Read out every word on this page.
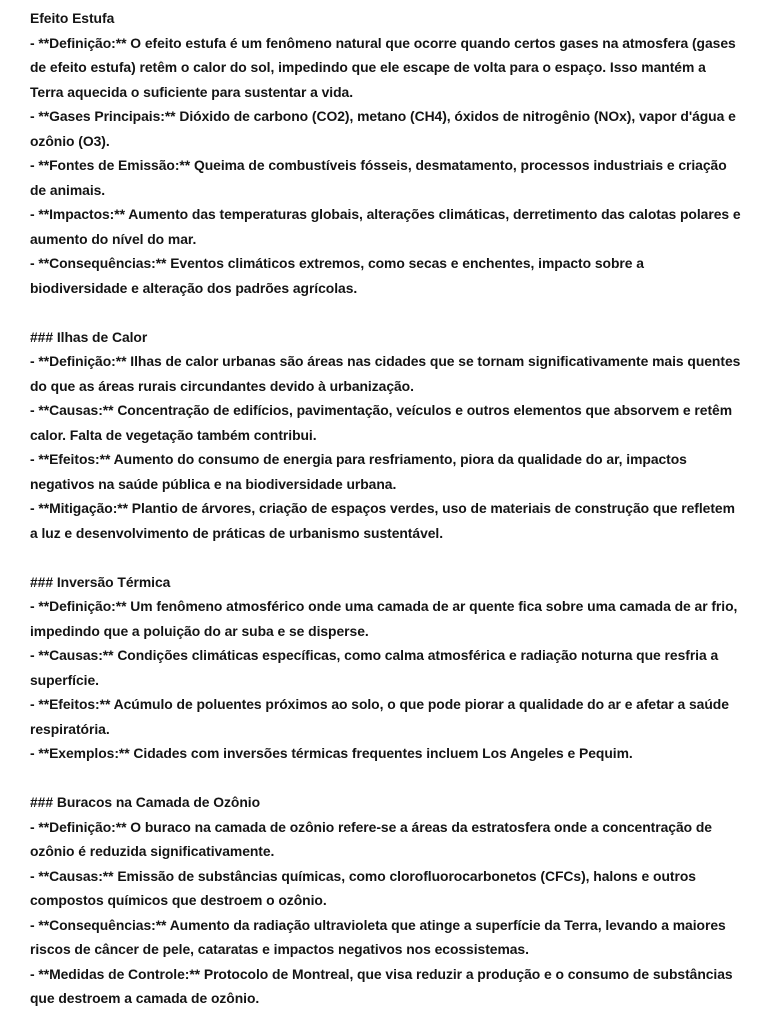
Efeito Estufa

- **Definição:** O efeito estufa é um fenômeno natural que ocorre quando certos gases na atmosfera (gases de efeito estufa) retêm o calor do sol, impedindo que ele escape de volta para o espaço. Isso mantém a Terra aquecida o suficiente para sustentar a vida.

- **Gases Principais:** Dióxido de carbono (CO2), metano (CH4), óxidos de nitrogênio (NOx), vapor d'água e ozônio (O3).

- **Fontes de Emissão:** Queima de combustíveis fósseis, desmatamento, processos industriais e criação de animais.

- **Impactos:** Aumento das temperaturas globais, alterações climáticas, derretimento das calotas polares e aumento do nível do mar.

- **Consequências:** Eventos climáticos extremos, como secas e enchentes, impacto sobre a biodiversidade e alteração dos padrões agrícolas.

### Ilhas de Calor

- **Definição:** Ilhas de calor urbanas são áreas nas cidades que se tornam significativamente mais quentes do que as áreas rurais circundantes devido à urbanização.

- **Causas:** Concentração de edifícios, pavimentação, veículos e outros elementos que absorvem e retêm calor. Falta de vegetação também contribui.

- **Efeitos:** Aumento do consumo de energia para resfriamento, piora da qualidade do ar, impactos negativos na saúde pública e na biodiversidade urbana.

- **Mitigação:** Plantio de árvores, criação de espaços verdes, uso de materiais de construção que refletem a luz e desenvolvimento de práticas de urbanismo sustentável.

### Inversão Térmica

- **Definição:** Um fenômeno atmosférico onde uma camada de ar quente fica sobre uma camada de ar frio, impedindo que a poluição do ar suba e se disperse.

- **Causas:** Condições climáticas específicas, como calma atmosférica e radiação noturna que resfria a superfície.

- **Efeitos:** Acúmulo de poluentes próximos ao solo, o que pode piorar a qualidade do ar e afetar a saúde respiratória.

- **Exemplos:** Cidades com inversões térmicas frequentes incluem Los Angeles e Pequim.

### Buracos na Camada de Ozônio

- **Definição:** O buraco na camada de ozônio refere-se a áreas da estratosfera onde a concentração de ozônio é reduzida significativamente.

- **Causas:** Emissão de substâncias químicas, como clorofluorocarbonetos (CFCs), halons e outros compostos químicos que destroem o ozônio.

- **Consequências:** Aumento da radiação ultravioleta que atinge a superfície da Terra, levando a maiores riscos de câncer de pele, cataratas e impactos negativos nos ecossistemas.

- **Medidas de Controle:** Protocolo de Montreal, que visa reduzir a produção e o consumo de substâncias que destroem a camada de ozônio.
